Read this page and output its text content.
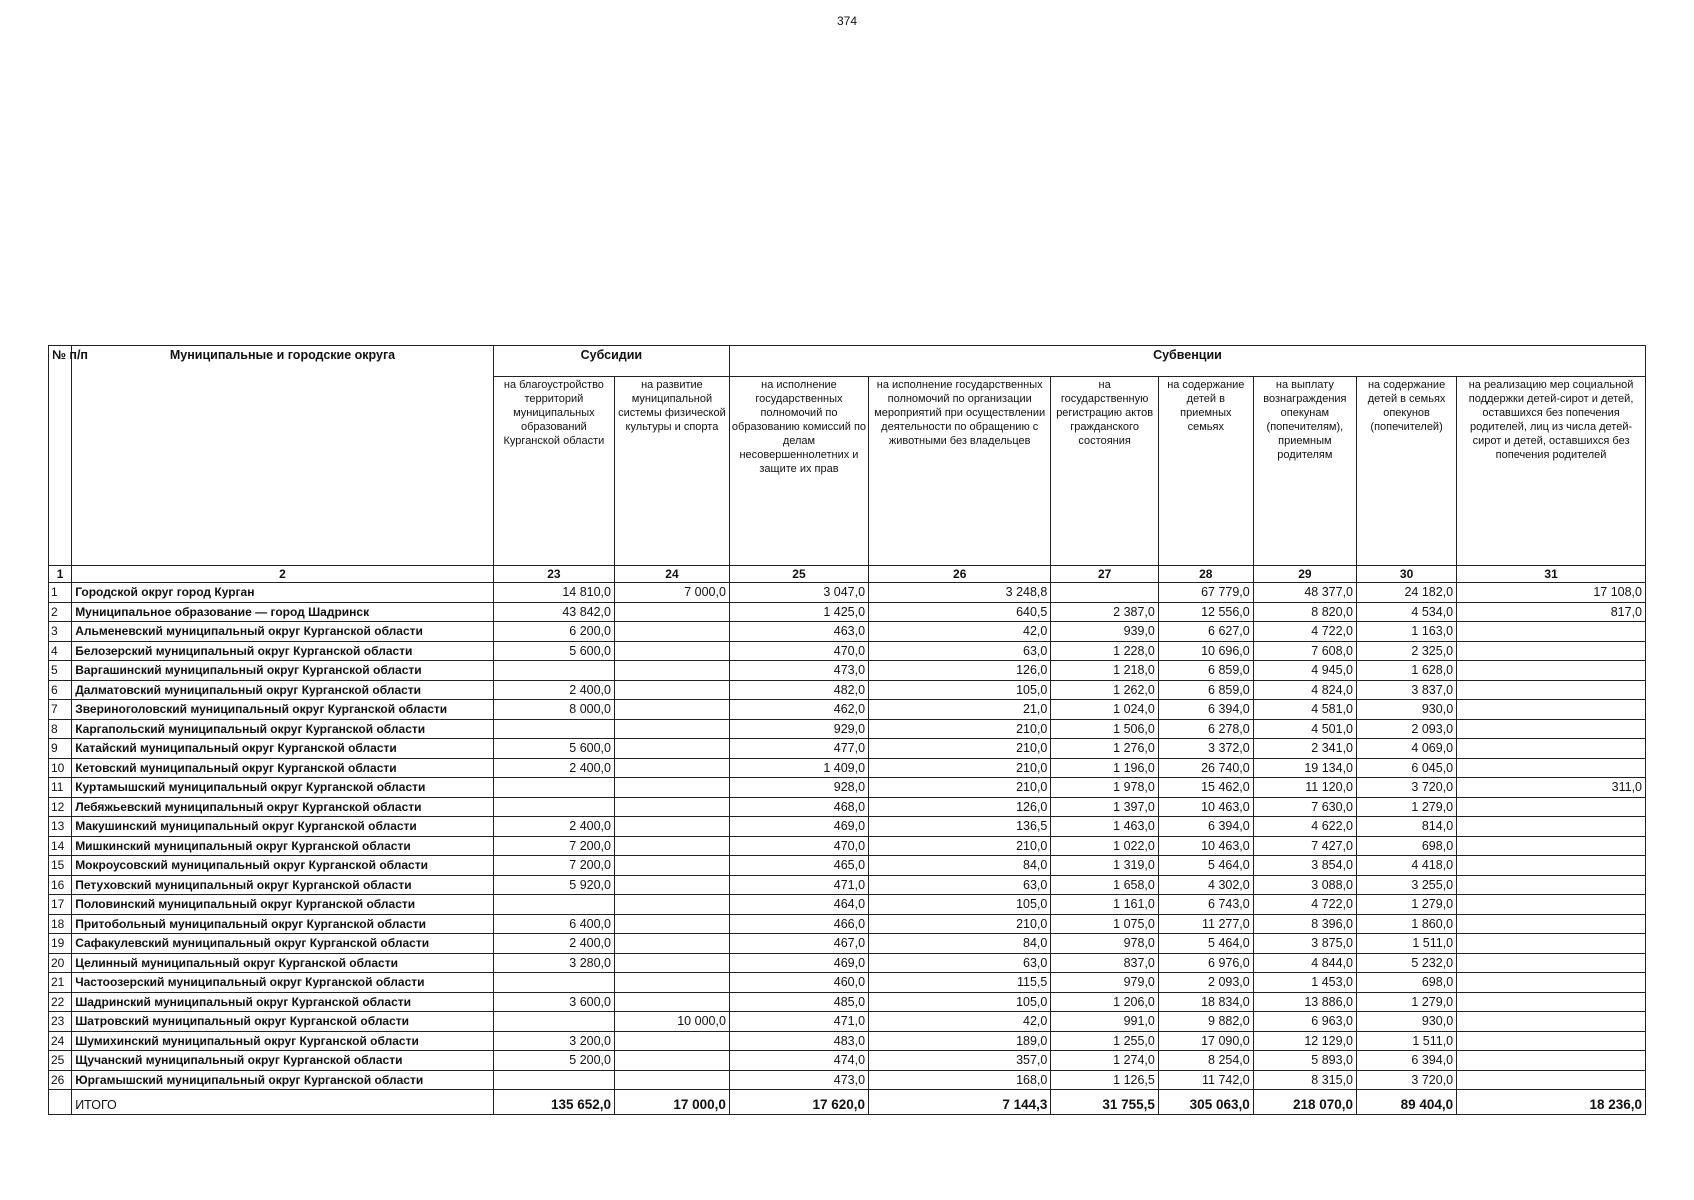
374
№ п/п	Муниципальные и городские округа	Субсидии		Субвенции						
		на благоустройство территорий муниципальных образований Курганской области	на развитие муниципальной системы физической культуры и спорта	на исполнение государственных полномочий по образованию комиссий по делам несовершеннолетних и защите их прав	на исполнение государственных полномочий по организации мероприятий при осуществлении деятельности по обращению с животными без владельцев	на государственную регистрацию актов гражданского состояния	на содержание детей в приемных семьях	на выплату вознаграждения опекунам (попечителям), приемным родителям	на содержание детей в семьях опекунов (попечителей)	на реализацию мер социальной поддержки детей-сирот и детей, оставшихся без попечения родителей, лиц из числа детей-сирот и детей, оставшихся без попечения родителей
1	2	23	24	25	26	27	28	29	30	31
1	Городской округ город Курган	14 810,0	7 000,0	3 047,0	3 248,8		67 779,0	48 377,0	24 182,0	17 108,0
2	Муниципальное образование — город Шадринск	43 842,0		1 425,0	640,5	2 387,0	12 556,0	8 820,0	4 534,0	817,0
3	Альменевский муниципальный округ Курганской области	6 200,0		463,0	42,0	939,0	6 627,0	4 722,0	1 163,0	
4	Белозерский муниципальный округ Курганской области	5 600,0		470,0	63,0	1 228,0	10 696,0	7 608,0	2 325,0	
5	Варгашинский муниципальный округ Курганской области			473,0	126,0	1 218,0	6 859,0	4 945,0	1 628,0	
6	Далматовский муниципальный округ Курганской области	2 400,0		482,0	105,0	1 262,0	6 859,0	4 824,0	3 837,0	
7	Звериноголовский муниципальный округ Курганской области	8 000,0		462,0	21,0	1 024,0	6 394,0	4 581,0	930,0	
8	Каргапольский муниципальный округ Курганской области			929,0	210,0	1 506,0	6 278,0	4 501,0	2 093,0	
9	Катайский муниципальный округ Курганской области	5 600,0		477,0	210,0	1 276,0	3 372,0	2 341,0	4 069,0	
10	Кетовский муниципальный округ Курганской области	2 400,0		1 409,0	210,0	1 196,0	26 740,0	19 134,0	6 045,0	
11	Куртамышский муниципальный округ Курганской области			928,0	210,0	1 978,0	15 462,0	11 120,0	3 720,0	311,0
12	Лебяжьевский муниципальный округ Курганской области			468,0	126,0	1 397,0	10 463,0	7 630,0	1 279,0	
13	Макушинский муниципальный округ Курганской области	2 400,0		469,0	136,5	1 463,0	6 394,0	4 622,0	814,0	
14	Мишкинский муниципальный округ Курганской области	7 200,0		470,0	210,0	1 022,0	10 463,0	7 427,0	698,0	
15	Мокроусовский муниципальный округ Курганской области	7 200,0		465,0	84,0	1 319,0	5 464,0	3 854,0	4 418,0	
16	Петуховский муниципальный округ Курганской области	5 920,0		471,0	63,0	1 658,0	4 302,0	3 088,0	3 255,0	
17	Половинский муниципальный округ Курганской области			464,0	105,0	1 161,0	6 743,0	4 722,0	1 279,0	
18	Притобольный муниципальный округ Курганской области	6 400,0		466,0	210,0	1 075,0	11 277,0	8 396,0	1 860,0	
19	Сафакулевский муниципальный округ Курганской области	2 400,0		467,0	84,0	978,0	5 464,0	3 875,0	1 511,0	
20	Целинный муниципальный округ Курганской области	3 280,0		469,0	63,0	837,0	6 976,0	4 844,0	5 232,0	
21	Частоозерский муниципальный округ Курганской области			460,0	115,5	979,0	2 093,0	1 453,0	698,0	
22	Шадринский муниципальный округ Курганской области	3 600,0		485,0	105,0	1 206,0	18 834,0	13 886,0	1 279,0	
23	Шатровский муниципальный округ Курганской области		10 000,0	471,0	42,0	991,0	9 882,0	6 963,0	930,0	
24	Шумихинский муниципальный округ Курганской области	3 200,0		483,0	189,0	1 255,0	17 090,0	12 129,0	1 511,0	
25	Щучанский муниципальный округ Курганской области	5 200,0		474,0	357,0	1 274,0	8 254,0	5 893,0	6 394,0	
26	Юргамышский муниципальный округ Курганской области			473,0	168,0	1 126,5	11 742,0	8 315,0	3 720,0	
	ИТОГО	135 652,0	17 000,0	17 620,0	7 144,3	31 755,5	305 063,0	218 070,0	89 404,0	18 236,0
